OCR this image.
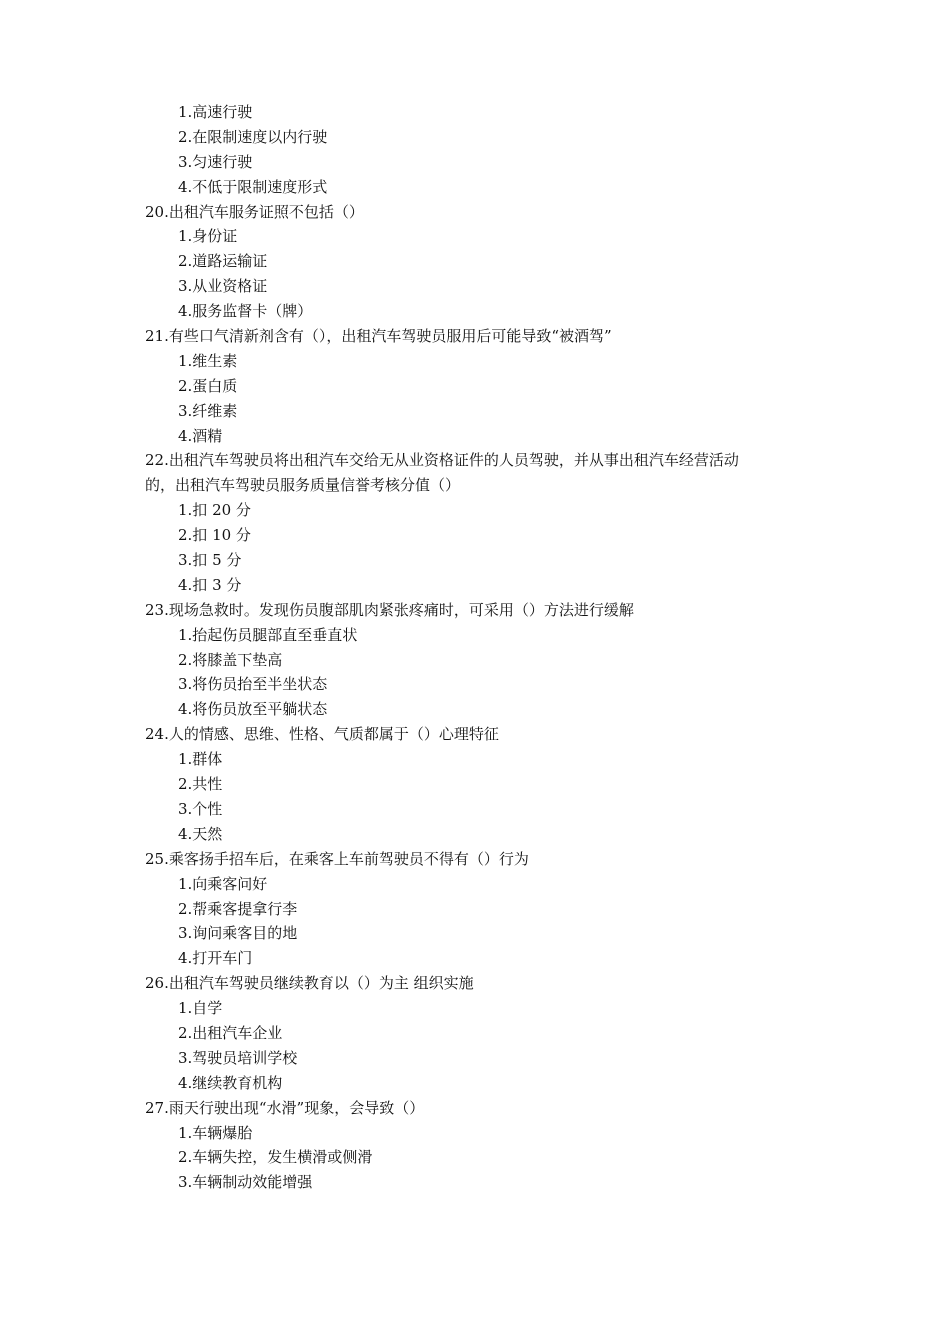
1.高速行驶
2.在限制速度以内行驶
3.匀速行驶
4.不低于限制速度形式
20.出租汽车服务证照不包括（）
1.身份证
2.道路运输证
3.从业资格证
4.服务监督卡（牌）
21.有些口气清新剂含有（），出租汽车驾驶员服用后可能导致“被酒驾”
1.维生素
2.蛋白质
3.纤维素
4.酒精
22.出租汽车驾驶员将出租汽车交给无从业资格证件的人员驾驶，并从事出租汽车经营活动
的，出租汽车驾驶员服务质量信誉考核分值（）
1.扣 20 分
2.扣 10 分
3.扣 5 分
4.扣 3 分
23.现场急救时。发现伤员腹部肌肉紧张疼痛时，可采用（）方法进行缓解
1.抬起伤员腿部直至垂直状
2.将膝盖下垫高
3.将伤员抬至半坐状态
4.将伤员放至平躺状态
24.人的情感、思维、性格、气质都属于（）心理特征
1.群体
2.共性
3.个性
4.天然
25.乘客扬手招车后，在乘客上车前驾驶员不得有（）行为
1.向乘客问好
2.帮乘客提拿行李
3.询问乘客目的地
4.打开车门
26.出租汽车驾驶员继续教育以（）为主 组织实施
1.自学
2.出租汽车企业
3.驾驶员培训学校
4.继续教育机构
27.雨天行驶出现“水滑”现象，会导致（）
1.车辆爆胎
2.车辆失控，发生横滑或侧滑
3.车辆制动效能增强
